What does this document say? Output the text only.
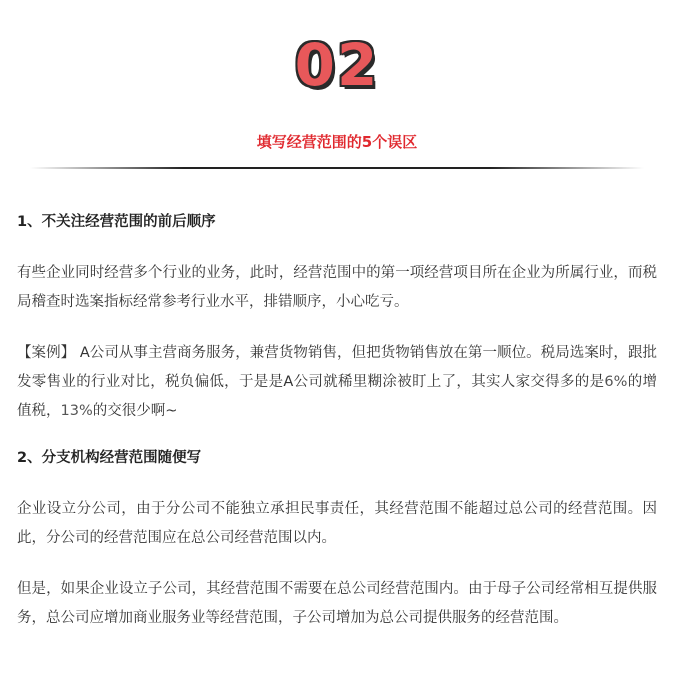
02
填写经营范围的5个误区

1、不关注经营范围的前后顺序

有些企业同时经营多个行业的业务，此时，经营范围中的第一项经营项目所在企业为所属行业，而税局稽查时选案指标经常参考行业水平，排错顺序，小心吃亏。

【案例】 A公司从事主营商务服务，兼营货物销售，但把货物销售放在第一顺位。税局选案时，跟批发零售业的行业对比，税负偏低，于是是A公司就稀里糊涂被盯上了，其实人家交得多的是6%的增值税，13%的交很少啊~

2、分支机构经营范围随便写

企业设立分公司，由于分公司不能独立承担民事责任，其经营范围不能超过总公司的经营范围。因此，分公司的经营范围应在总公司经营范围以内。

但是，如果企业设立子公司，其经营范围不需要在总公司经营范围内。由于母子公司经常相互提供服务，总公司应增加商业服务业等经营范围，子公司增加为总公司提供服务的经营范围。
